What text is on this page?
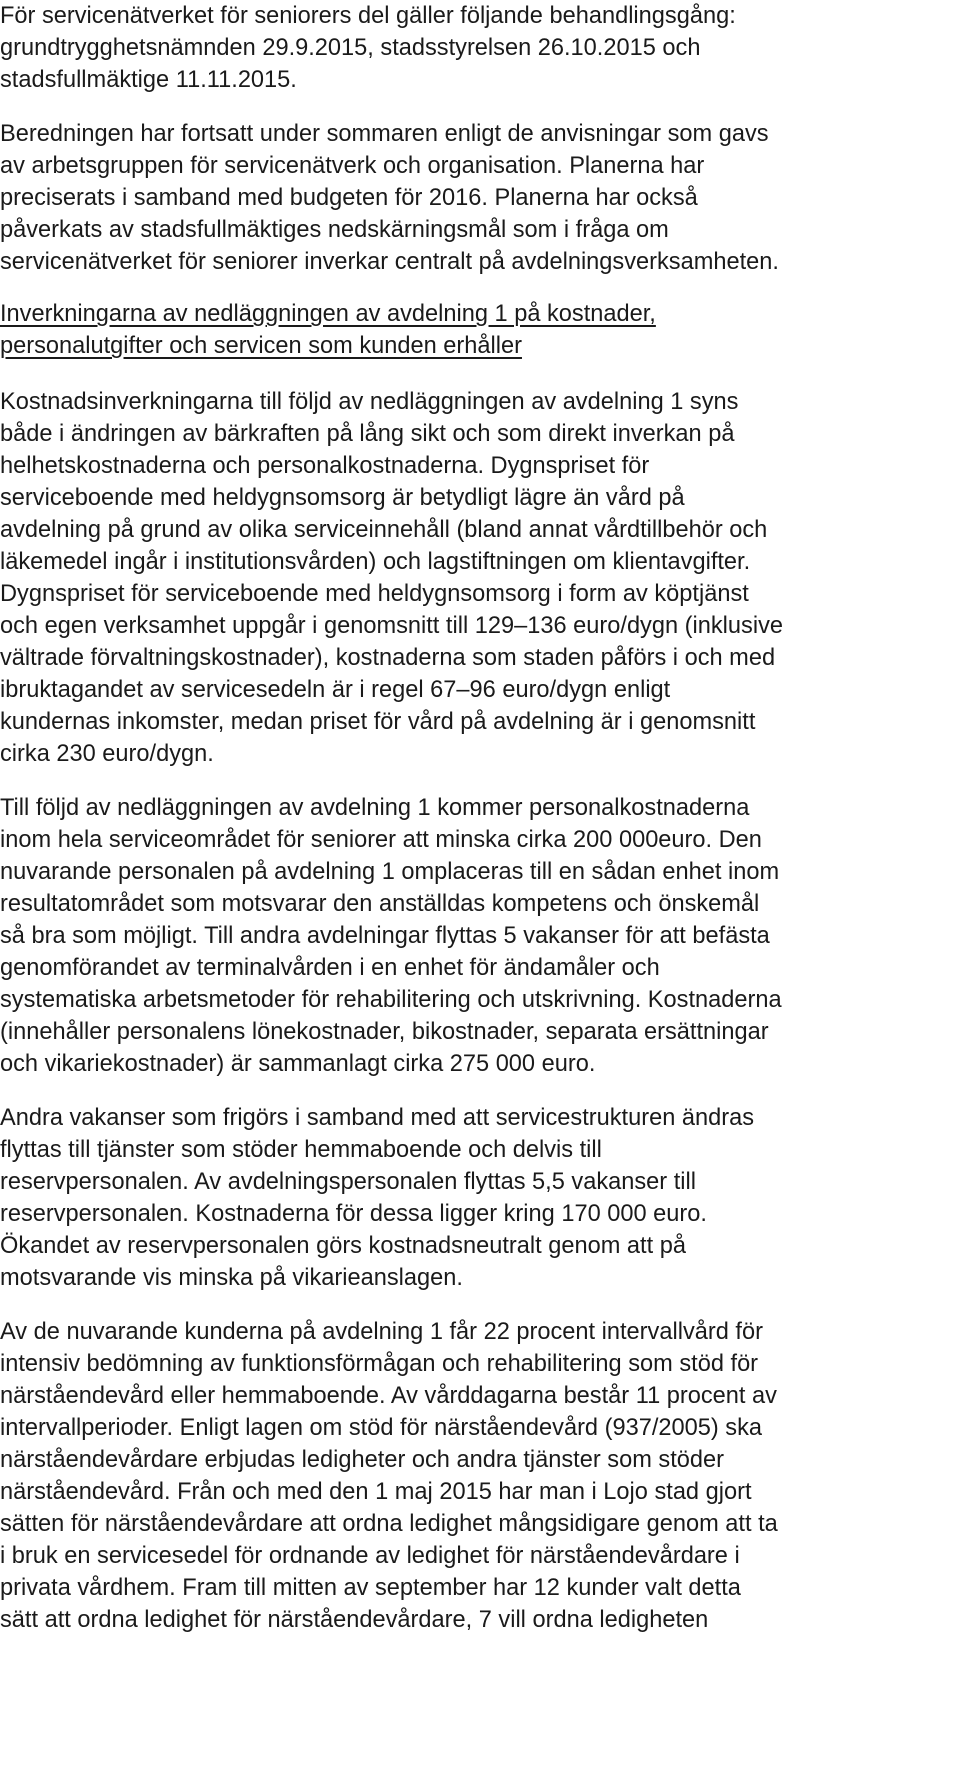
För servicenätverket för seniorers del gäller följande behandlingsgång:
grundtrygghetsnämnden 29.9.2015, stadsstyrelsen 26.10.2015 och
stadsfullmäktige 11.11.2015.
Beredningen har fortsatt under sommaren enligt de anvisningar som gavs
av arbetsgruppen för servicenätverk och organisation. Planerna har
preciserats i samband med budgeten för 2016. Planerna har också
påverkats av stadsfullmäktiges nedskärningsmål som i fråga om
servicenätverket för seniorer inverkar centralt på avdelningsverksamheten.
Inverkningarna av nedläggningen av avdelning 1 på kostnader,
personalutgifter och servicen som kunden erhåller
Kostnadsinverkningarna till följd av nedläggningen av avdelning 1 syns
både i ändringen av bärkraften på lång sikt och som direkt inverkan på
helhetskostnaderna och personalkostnaderna. Dygnspriset för
serviceboende med heldygnsomsorg är betydligt lägre än vård på
avdelning på grund av olika serviceinnehåll (bland annat vårdtillbehör och
läkemedel ingår i institutionsvården) och lagstiftningen om klientavgifter.
Dygnspriset för serviceboende med heldygnsomsorg i form av köptjänst
och egen verksamhet uppgår i genomsnitt till 129–136 euro/dygn (inklusive
vältrade förvaltningskostnader), kostnaderna som staden påförs i och med
ibruktagandet av servicesedeln är i regel 67–96 euro/dygn enligt
kundernas inkomster, medan priset för vård på avdelning är i genomsnitt
cirka 230 euro/dygn.
Till följd av nedläggningen av avdelning 1 kommer personalkostnaderna
inom hela serviceområdet för seniorer att minska cirka 200 000euro. Den
nuvarande personalen på avdelning 1 omplaceras till en sådan enhet inom
resultatområdet som motsvarar den anställdas kompetens och önskemål
så bra som möjligt. Till andra avdelningar flyttas 5 vakanser för att befästa
genomförandet av terminalvården i en enhet för ändamåler och
systematiska arbetsmetoder för rehabilitering och utskrivning. Kostnaderna
(innehåller personalens lönekostnader, bikostnader, separata ersättningar
och vikariekostnader) är sammanlagt cirka 275 000 euro.
Andra vakanser som frigörs i samband med att servicestrukturen ändras
flyttas till tjänster som stöder hemmaboende och delvis till
reservpersonalen. Av avdelningspersonalen flyttas 5,5 vakanser till
reservpersonalen. Kostnaderna för dessa ligger kring 170 000 euro.
Ökandet av reservpersonalen görs kostnadsneutralt genom att på
motsvarande vis minska på vikarieanslagen.
Av de nuvarande kunderna på avdelning 1 får 22 procent intervallvård för
intensiv bedömning av funktionsförmågan och rehabilitering som stöd för
närståendevård eller hemmaboende. Av vårddagarna består 11 procent av
intervallperioder. Enligt lagen om stöd för närståendevård (937/2005) ska
närståendevårdare erbjudas ledigheter och andra tjänster som stöder
närståendevård. Från och med den 1 maj 2015 har man i Lojo stad gjort
sätten för närståendevårdare att ordna ledighet mångsidigare genom att ta
i bruk en servicesedel för ordnande av ledighet för närståendevårdare i
privata vårdhem. Fram till mitten av september har 12 kunder valt detta
sätt att ordna ledighet för närståendevårdare, 7 vill ordna ledigheten
